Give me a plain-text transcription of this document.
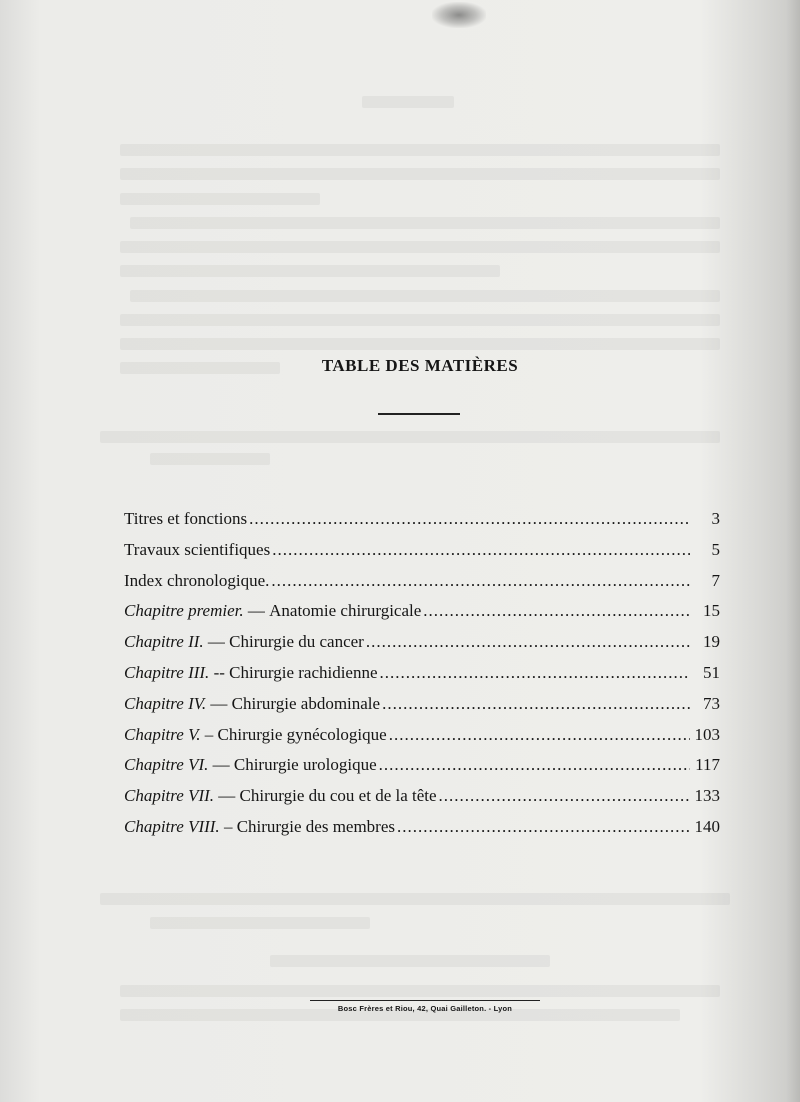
TABLE DES MATIÈRES
Titres et fonctions .....	3
Travaux scientifiques .....	5
Index chronologique. .....	7
Chapitre premier. — Anatomie chirurgicale .....	15
Chapitre II. — Chirurgie du cancer .....	19
Chapitre III. -- Chirurgie rachidienne .....	51
Chapitre IV. — Chirurgie abdominale .....	73
Chapitre V. – Chirurgie gynécologique .....	103
Chapitre VI. — Chirurgie urologique .....	117
Chapitre VII. — Chirurgie du cou et de la tête .....	133
Chapitre VIII. – Chirurgie des membres .....	140
Bosc Frères et Riou, 42, Quai Gailleton. - Lyon
